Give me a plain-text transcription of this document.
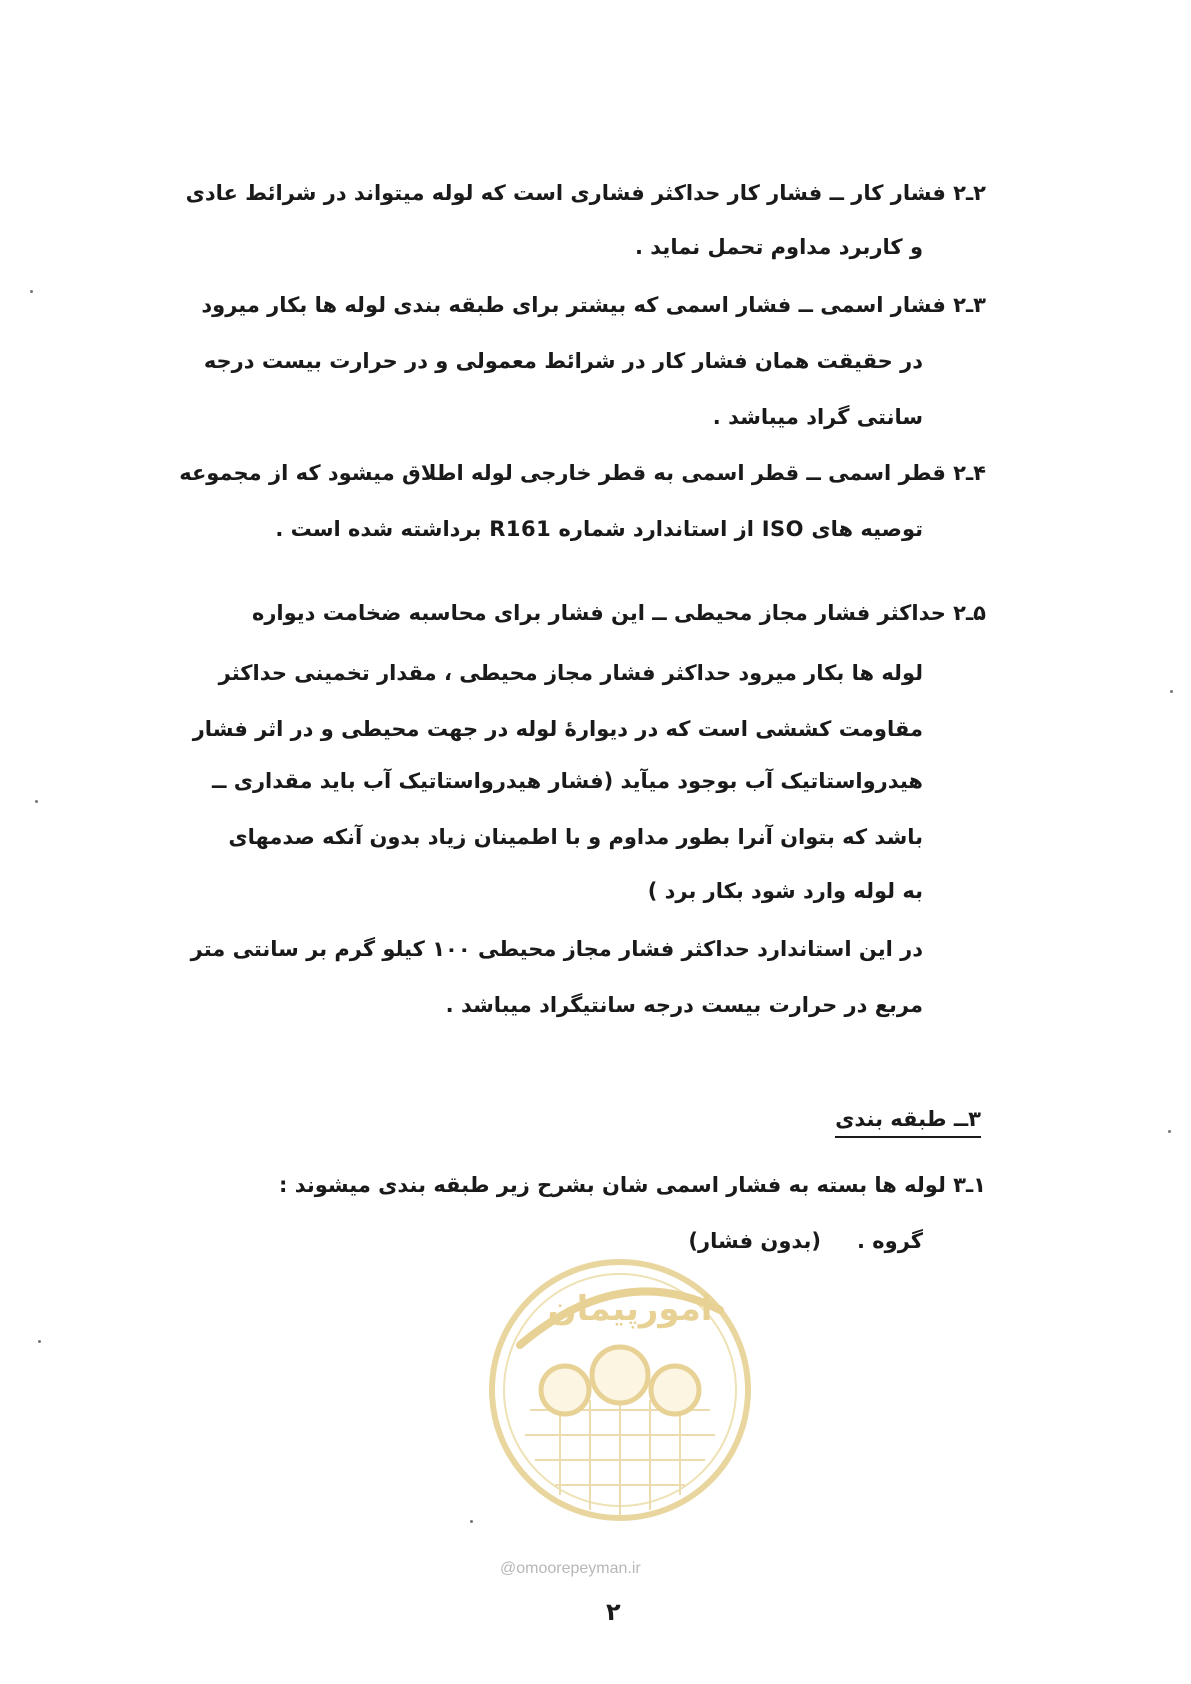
۲ـ۲ فشار کار ــ فشار کار حداکثر فشاری است که لوله میتواند در شرائط عادی
و کاربرد مداوم تحمل نماید .
۳ـ۲ فشار اسمی ــ فشار اسمی که بیشتر برای طبقه بندی لوله ها بکار میرود
در حقیقت همان فشار کار در شرائط معمولی و در حرارت بیست درجه
سانتی گراد میباشد .
۴ـ۲ قطر اسمی ــ قطر اسمی به قطر خارجی لوله اطلاق میشود که از مجموعه
توصیه های ISO از استاندارد شماره R161 برداشته شده است .
۵ـ۲ حداکثر فشار مجاز محیطی ــ این فشار برای محاسبه ضخامت دیواره
لوله ها بکار میرود حداکثر فشار مجاز محیطی ، مقدار تخمینی حداکثر
مقاومت کششی است که در دیوارهٔ لوله در جهت محیطی و در اثر فشار
هیدرواستاتیک آب بوجود میآید (فشار هیدرواستاتیک آب باید مقداری ــ
باشد که بتوان آنرا بطور مداوم و با اطمینان زیاد بدون آنکه صدمهای
به لوله وارد شود بکار برد )
در این استاندارد حداکثر فشار مجاز محیطی ۱۰۰ کیلو گرم بر سانتی متر
مربع در حرارت بیست درجه سانتیگراد میباشد .
۳ــ طبقه بندی
۱ـ۳ لوله ها بسته به فشار اسمی شان بشرح زیر طبقه بندی میشوند :
گروه .
(بدون فشار)
امورپیمان
@omoorepeyman.ir
۲
